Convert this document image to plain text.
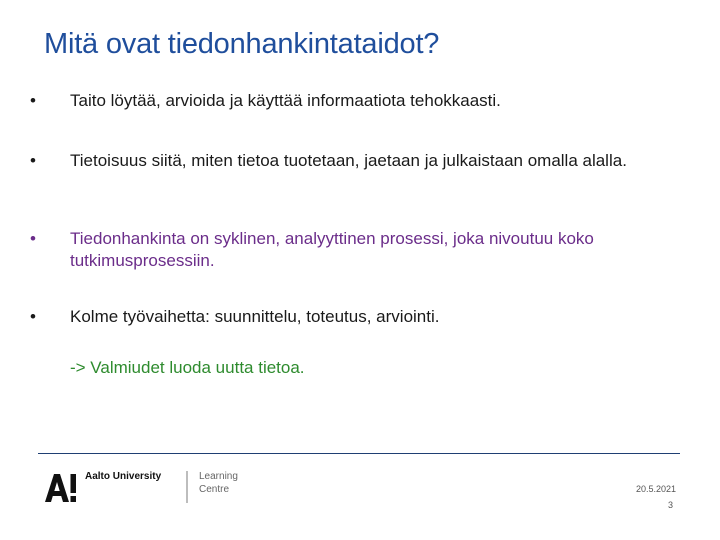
Mitä ovat tiedonhankintataidot?
• Taito löytää, arvioida ja käyttää informaatiota tehokkaasti.
• Tietoisuus siitä, miten tietoa tuotetaan, jaetaan ja julkaistaan omalla alalla.
• Tiedonhankinta on syklinen, analyyttinen prosessi, joka nivoutuu koko tutkimusprosessiin.
• Kolme työvaihetta: suunnittelu, toteutus, arviointi.
-> Valmiudet luoda uutta tietoa.
Aalto University	Learning
Centre	20.5.2021
3
